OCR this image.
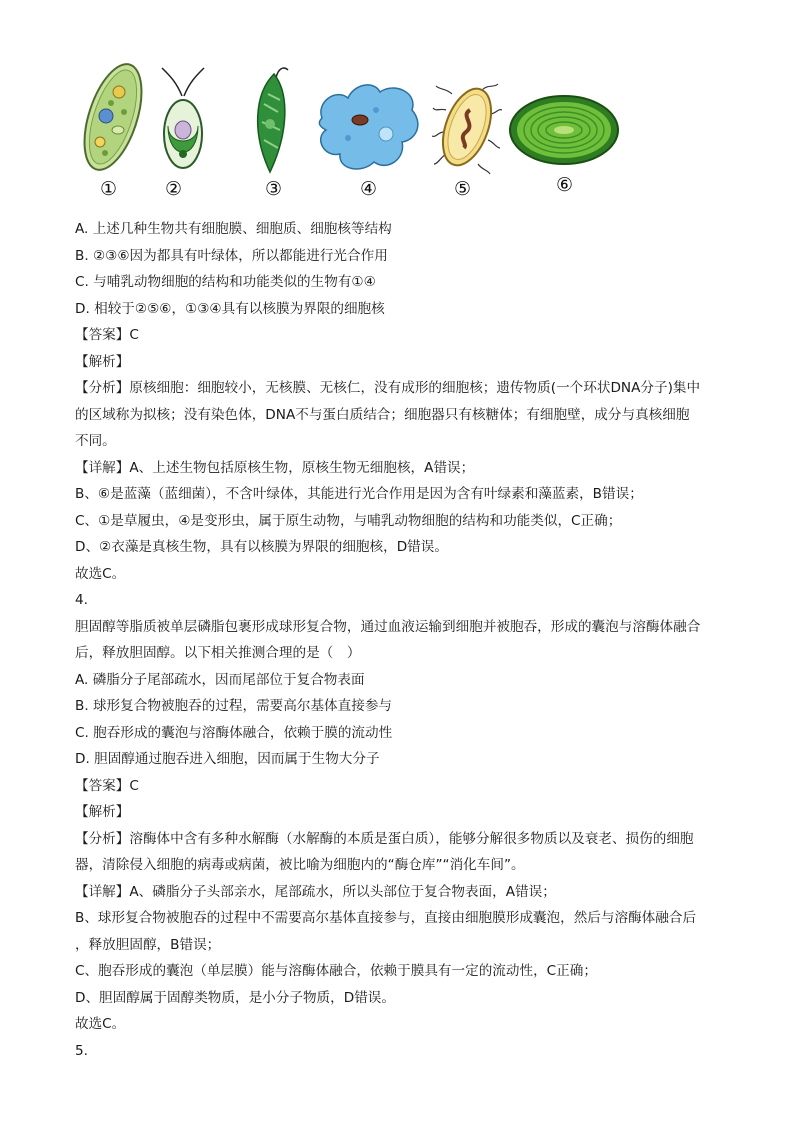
①	②	③	④	⑤	⑥

A. 上述几种生物共有细胞膜、细胞质、细胞核等结构

B. ②③⑥因为都具有叶绿体，所以都能进行光合作用

C. 与哺乳动物细胞的结构和功能类似的生物有①④

D. 相较于②⑤⑥，①③④具有以核膜为界限的细胞核

【答案】C

【解析】

【分析】原核细胞：细胞较小，无核膜、无核仁，没有成形的细胞核；遗传物质(一个环状DNA分子)集中

的区域称为拟核；没有染色体，DNA不与蛋白质结合；细胞器只有核糖体；有细胞壁，成分与真核细胞

不同。

【详解】A、上述生物包括原核生物，原核生物无细胞核，A错误；

B、⑥是蓝藻（蓝细菌），不含叶绿体，其能进行光合作用是因为含有叶绿素和藻蓝素，B错误；

C、①是草履虫，④是变形虫，属于原生动物，与哺乳动物细胞的结构和功能类似，C正确；

D、②衣藻是真核生物，具有以核膜为界限的细胞核，D错误。

故选C。

4.

胆固醇等脂质被单层磷脂包裹形成球形复合物，通过血液运输到细胞并被胞吞，形成的囊泡与溶酶体融合

后，释放胆固醇。以下相关推测合理的是（　）

A. 磷脂分子尾部疏水，因而尾部位于复合物表面

B. 球形复合物被胞吞的过程，需要高尔基体直接参与

C. 胞吞形成的囊泡与溶酶体融合，依赖于膜的流动性

D. 胆固醇通过胞吞进入细胞，因而属于生物大分子

【答案】C

【解析】

【分析】溶酶体中含有多种水解酶（水解酶的本质是蛋白质），能够分解很多物质以及衰老、损伤的细胞

器，清除侵入细胞的病毒或病菌，被比喻为细胞内的“酶仓库”“消化车间”。

【详解】A、磷脂分子头部亲水，尾部疏水，所以头部位于复合物表面，A错误；

B、球形复合物被胞吞的过程中不需要高尔基体直接参与，直接由细胞膜形成囊泡，然后与溶酶体融合后

，释放胆固醇，B错误；

C、胞吞形成的囊泡（单层膜）能与溶酶体融合，依赖于膜具有一定的流动性，C正确；

D、胆固醇属于固醇类物质，是小分子物质，D错误。

故选C。

5.
